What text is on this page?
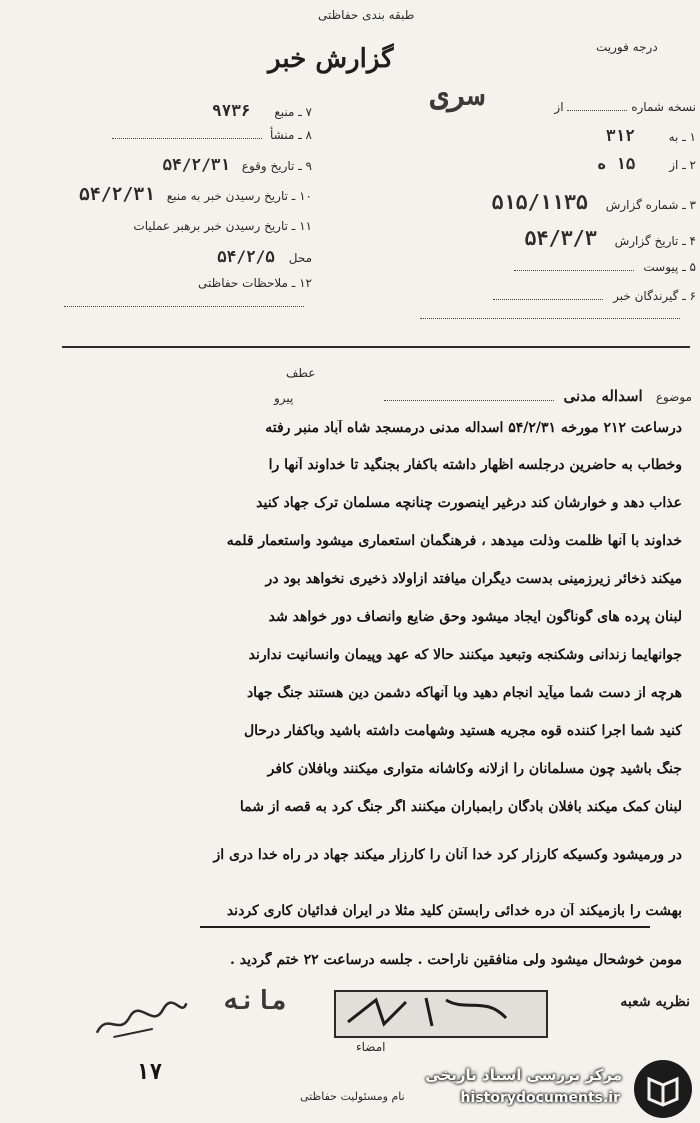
طبقه بندی حفاظتی
درجه فوریت
گزارش خبر
سری
مانه
۷ ـ منبع ۹۷۳۶
۸ ـ منشأ
۹ ـ تاریخ وقوع ۵۴/۲/۳۱
۱۰ ـ تاریخ رسیدن خبر به منبع ۵۴/۲/۳۱
۱۱ ـ تاریخ رسیدن خبر برهبر عملیات
محل ۵۴/۲/۵
۱۲ ـ ملاحظات حفاظتی
نسخه شماره  از
۱ ـ به ۳۱۲
۲ ـ از ۱۵ ه
۳ ـ شماره گزارش ۵۱۵/۱۱۳۵
۴ ـ تاریخ گزارش ۵۴/۳/۳
۵ ـ پیوست
۶ ـ گیرندگان خبر
عطف
پیرو	موضوع اسداله مدنی
درساعت ۲۱۲ مورخه ۵۴/۲/۳۱ اسداله مدنی درمسجد شاه آباد منبر رفته
وخطاب به حاضرین درجلسه اظهار داشته باکفار بجنگید تا خداوند آنها را
عذاب دهد و خوارشان کند درغیر اینصورت چنانچه مسلمان ترک جهاد کنید
خداوند با آنها ظلمت وذلت میدهد ، فرهنگمان استعماری میشود واستعمار قلمه
میکند ذخائر زیرزمینی بدست دیگران میافتد ازاولاد ذخیری نخواهد بود در
لبنان پرده های گوناگون ایجاد میشود وحق ضایع وانصاف دور خواهد شد
جوانهایما زندانی وشکنجه وتبعید میکنند حالا که عهد وپیمان وانسانیت ندارند
هرچه از دست شما میآید انجام دهید وبا آنهاکه دشمن دین هستند جنگ جهاد
کنید شما اجرا کننده قوه مجریه هستید وشهامت داشته باشید وباکفار درحال
جنگ باشید چون مسلمانان را ازلانه وکاشانه متواری میکنند وبافلان کافر
لبنان کمک میکند بافلان بادگان رابمباران میکنند اگر جنگ کرد به قصه از شما
در ورمیشود وکسیکه کارزار کرد خدا آنان را کارزار میکند جهاد در راه خدا دری از
بهشت را بازمیکند آن دره خدائی رابستن کلید مثلا در ایران فدائیان کاری کردند
مومن خوشحال میشود ولی منافقین ناراحت . جلسه درساعت ۲۲ ختم گردید .
نظریه شعبه
۱۷
امضاء
نام ومسئولیت حفاظتی
مرکز بررسی اسناد تاریخی
historydocuments.ir
